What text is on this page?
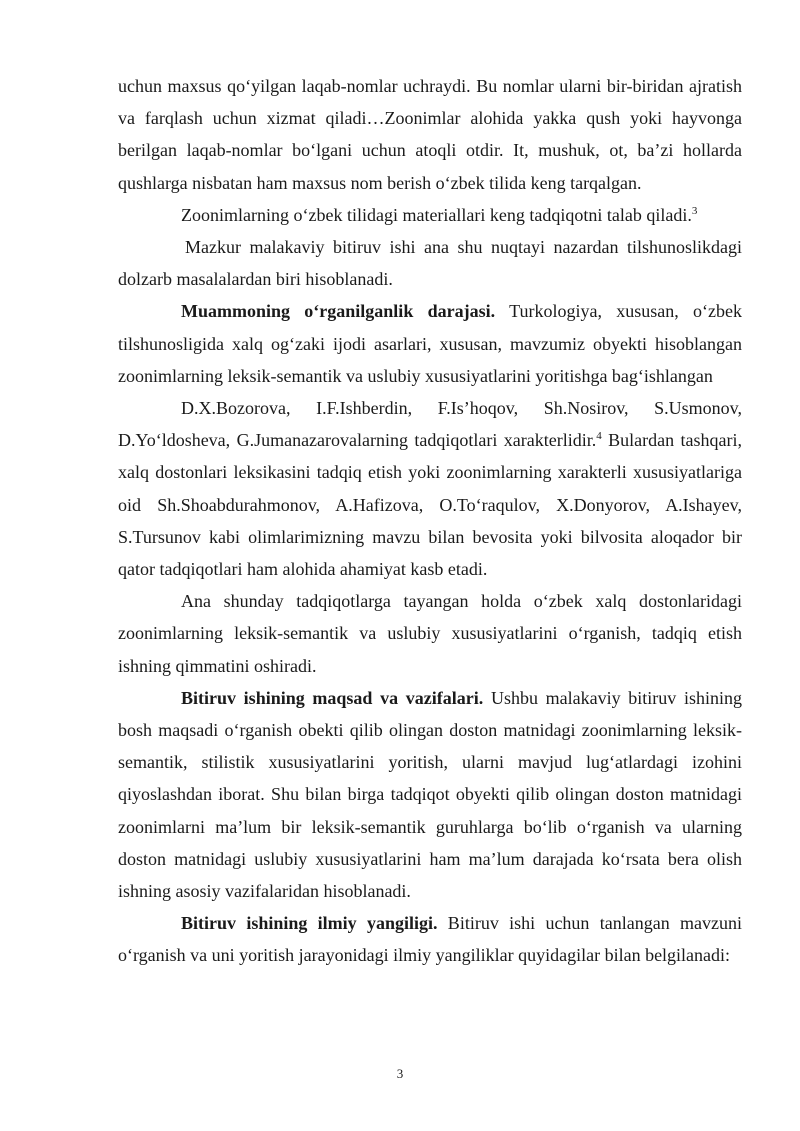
uchun maxsus qo‘yilgan laqab-nomlar uchraydi. Bu nomlar ularni bir-biridan ajratish va farqlash uchun xizmat qiladi…Zoonimlar alohida yakka qush yoki hayvonga berilgan laqab-nomlar bo‘lgani uchun atoqli otdir. It, mushuk, ot, ba’zi hollarda qushlarga nisbatan ham maxsus nom berish o‘zbek tilida keng tarqalgan.

Zoonimlarning o‘zbek tilidagi materiallari keng tadqiqotni talab qiladi.$^3$

Mazkur malakaviy bitiruv ishi ana shu nuqtayi nazardan tilshunoslikdagi dolzarb masalalardan biri hisoblanadi.

Muammoning o‘rganilganlik darajasi. Turkologiya, xususan, o‘zbek tilshunosligida xalq og‘zaki ijodi asarlari, xususan, mavzumiz obyekti hisoblangan zoonimlarning leksik-semantik va uslubiy xususiyatlarini yoritishga bag‘ishlangan

D.X.Bozorova, I.F.Ishberdin, F.Is’hoqov, Sh.Nosirov, S.Usmonov, D.Yo‘ldosheva, G.Jumanazarovalarning tadqiqotlari xarakterlidir.$^4$ Bulardan tashqari, xalq dostonlari leksikasini tadqiq etish yoki zoonimlarning xarakterli xususiyatlariga oid Sh.Shoabdurahmonov, A.Hafizova, O.To‘raqulov, X.Donyorov, A.Ishayev, S.Tursunov kabi olimlarimizning mavzu bilan bevosita yoki bilvosita aloqador bir qator tadqiqotlari ham alohida ahamiyat kasb etadi.

Ana shunday tadqiqotlarga tayangan holda o‘zbek xalq dostonlaridagi zoonimlarning leksik-semantik va uslubiy xususiyatlarini o‘rganish, tadqiq etish ishning qimmatini oshiradi.

Bitiruv ishining maqsad va vazifalari. Ushbu malakaviy bitiruv ishining bosh maqsadi o‘rganish obekti qilib olingan doston matnidagi zoonimlarning leksik-semantik, stilistik xususiyatlarini yoritish, ularni mavjud lug‘atlardagi izohini qiyoslashdan iborat. Shu bilan birga tadqiqot obyekti qilib olingan doston matnidagi zoonimlarni ma’lum bir leksik-semantik guruhlarga bo‘lib o‘rganish va ularning doston matnidagi uslubiy xususiyatlarini ham ma’lum darajada ko‘rsata bera olish ishning asosiy vazifalaridan hisoblanadi.

Bitiruv ishining ilmiy yangiligi. Bitiruv ishi uchun tanlangan mavzuni o‘rganish va uni yoritish jarayonidagi ilmiy yangiliklar quyidagilar bilan belgilanadi:

3
